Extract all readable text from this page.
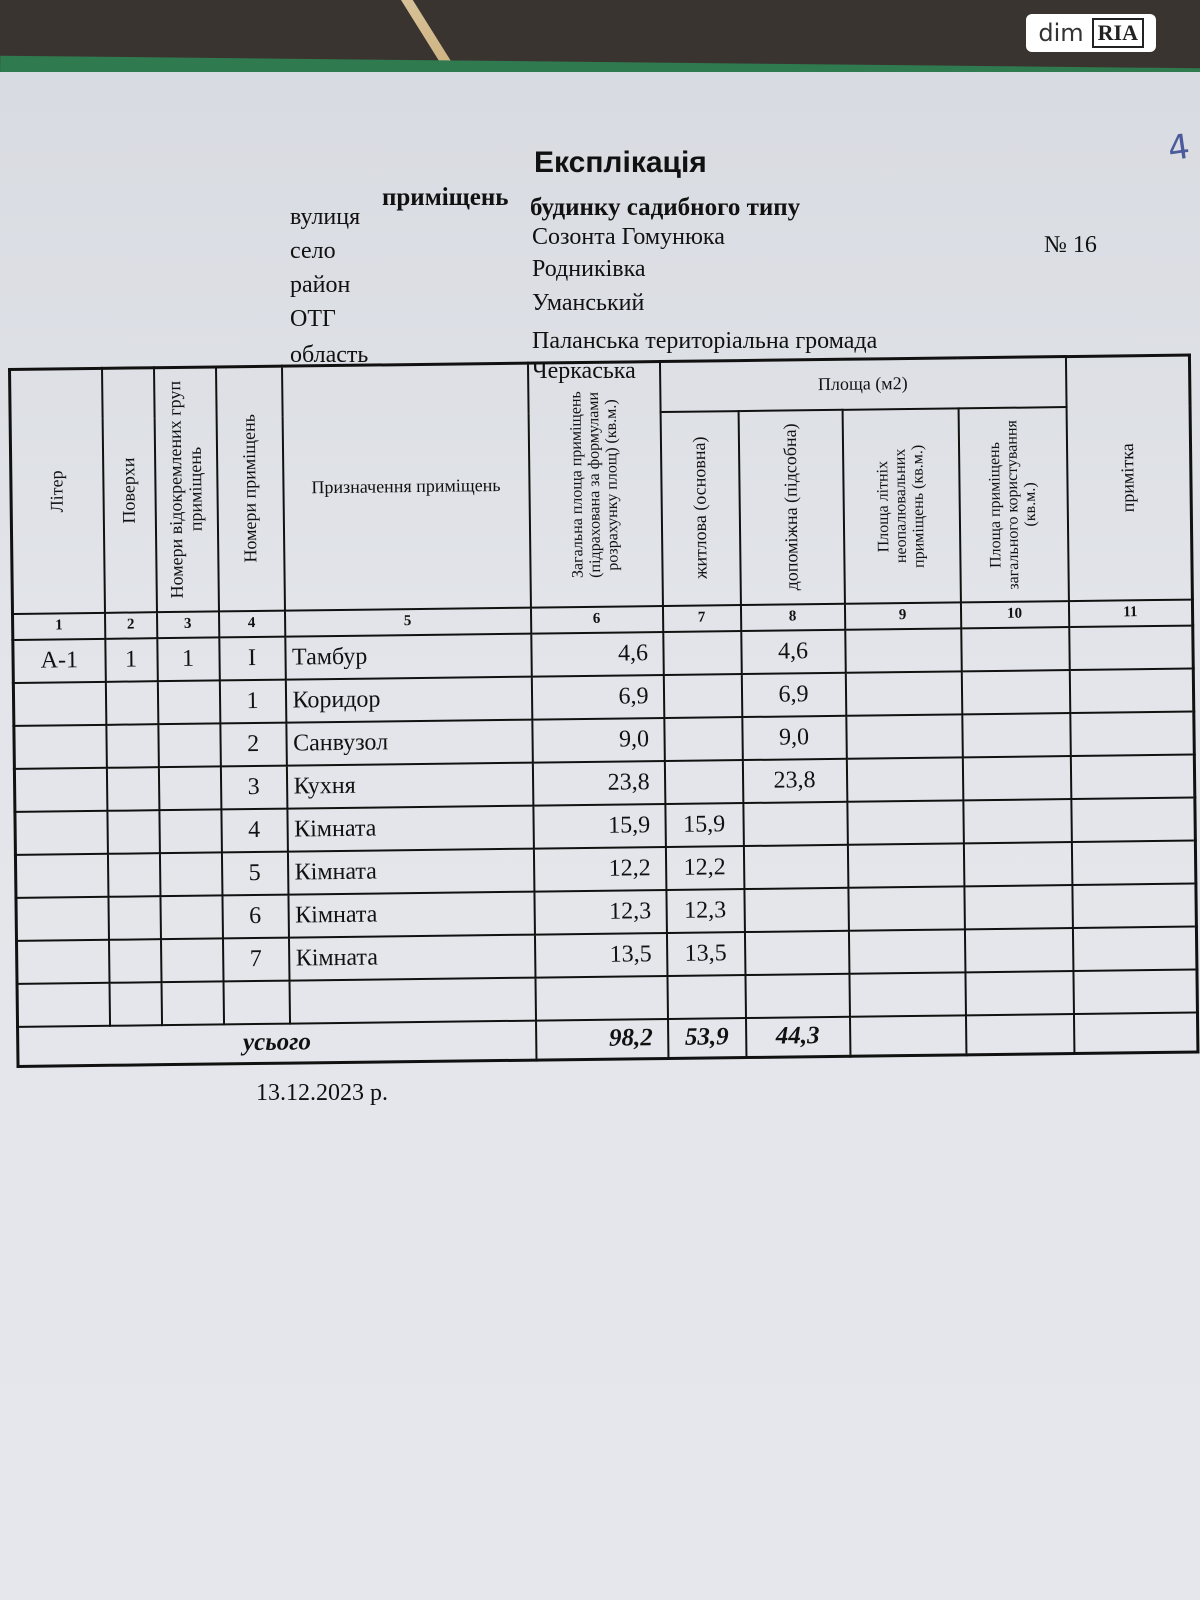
dim RIA
4
Експлікація
приміщень будинку садибного типу
вулиця
Созонта Гомунюка	№ 16
село
Родниківка
район
Уманський
ОТГ
Паланська територіальна громада
область
Черкаська
Літер	Поверхи	Номери відокремлених груп приміщень	Номери приміщень	Призначення приміщень	Загальна площа приміщень (підрахована за формулами розрахунку площ) (кв.м.)	Площа (м2)				примітка

						житлова (основна)	допоміжна (підсобна)	Площа літніх неопалювальних приміщень (кв.м.)	Площа приміщень загального користування (кв.м.)	

1	2	3	4	5	6	7	8	9	10	11
А-1	1	1	I	Тамбур	4,6		4,6			
			1	Коридор	6,9		6,9			
			2	Санвузол	9,0		9,0			
			3	Кухня	23,8		23,8			
			4	Кімната	15,9	15,9				
			5	Кімната	12,2	12,2				
			6	Кімната	12,3	12,3				
			7	Кімната	13,5	13,5				

усього					98,2	53,9	44,3			
13.12.2023 р.
